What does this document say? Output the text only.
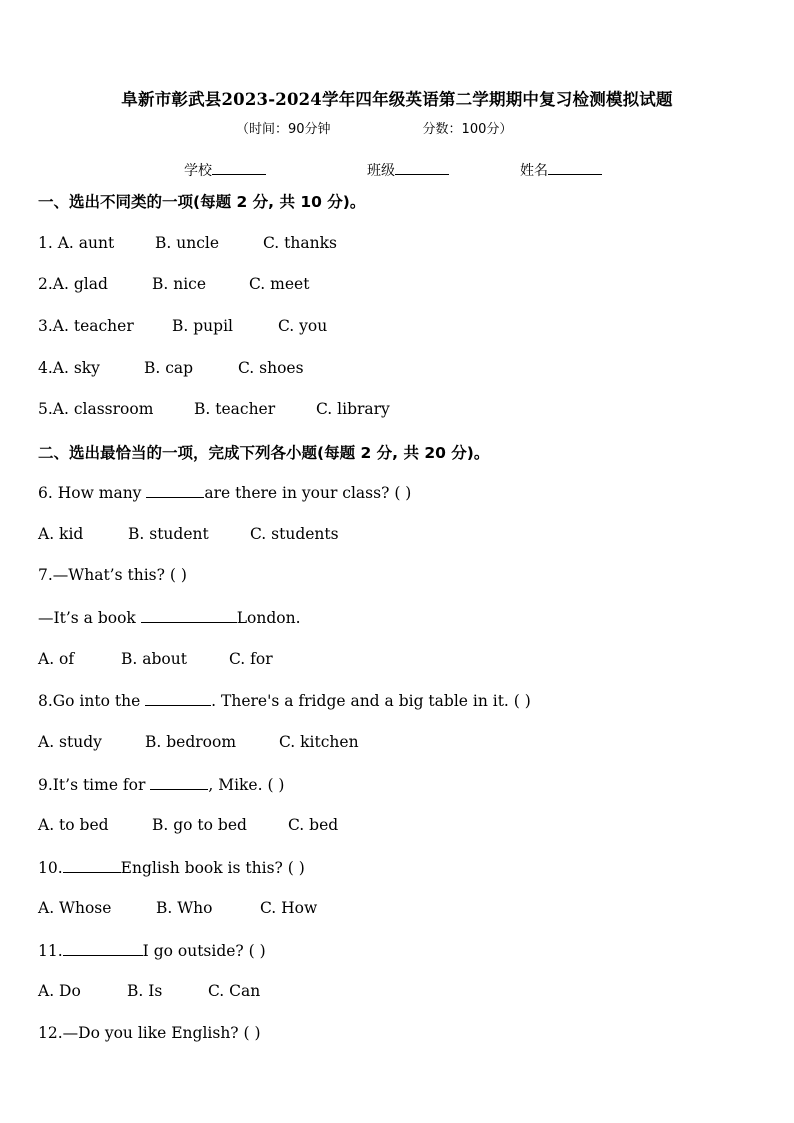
阜新市彰武县2023-2024学年四年级英语第二学期期中复习检测模拟试题
（时间：90分钟	分数：100分）
学校	班级	姓名
一、选出不同类的一项(每题 2 分, 共 10 分)。
1. A. aunt	B. uncle	C. thanks
2.A. glad	B. nice	C. meet
3.A. teacher B. pupil	C. you
4.A. sky	B. cap	C. shoes
5.A. classroom	B. teacher	C. library
二、选出最恰当的一项，完成下列各小题(每题 2 分, 共 20 分)。
6. How many	are there in your class? ( )
A. kid	B. student	C. students
7.—What’s this? ( )
—It’s a book	London.
A. of	B. about	C. for
8.Go into the	. There's a fridge and a big table in it. ( )
A. study	B. bedroom	C. kitchen
9.It’s time for	, Mike. ( )
A. to bed	B. go to bed	C. bed
10.	English book is this? ( )
A. Whose	B. Who	C. How
11.	I go outside? ( )
A. Do	B. Is	C. Can
12.—Do you like English? ( )
